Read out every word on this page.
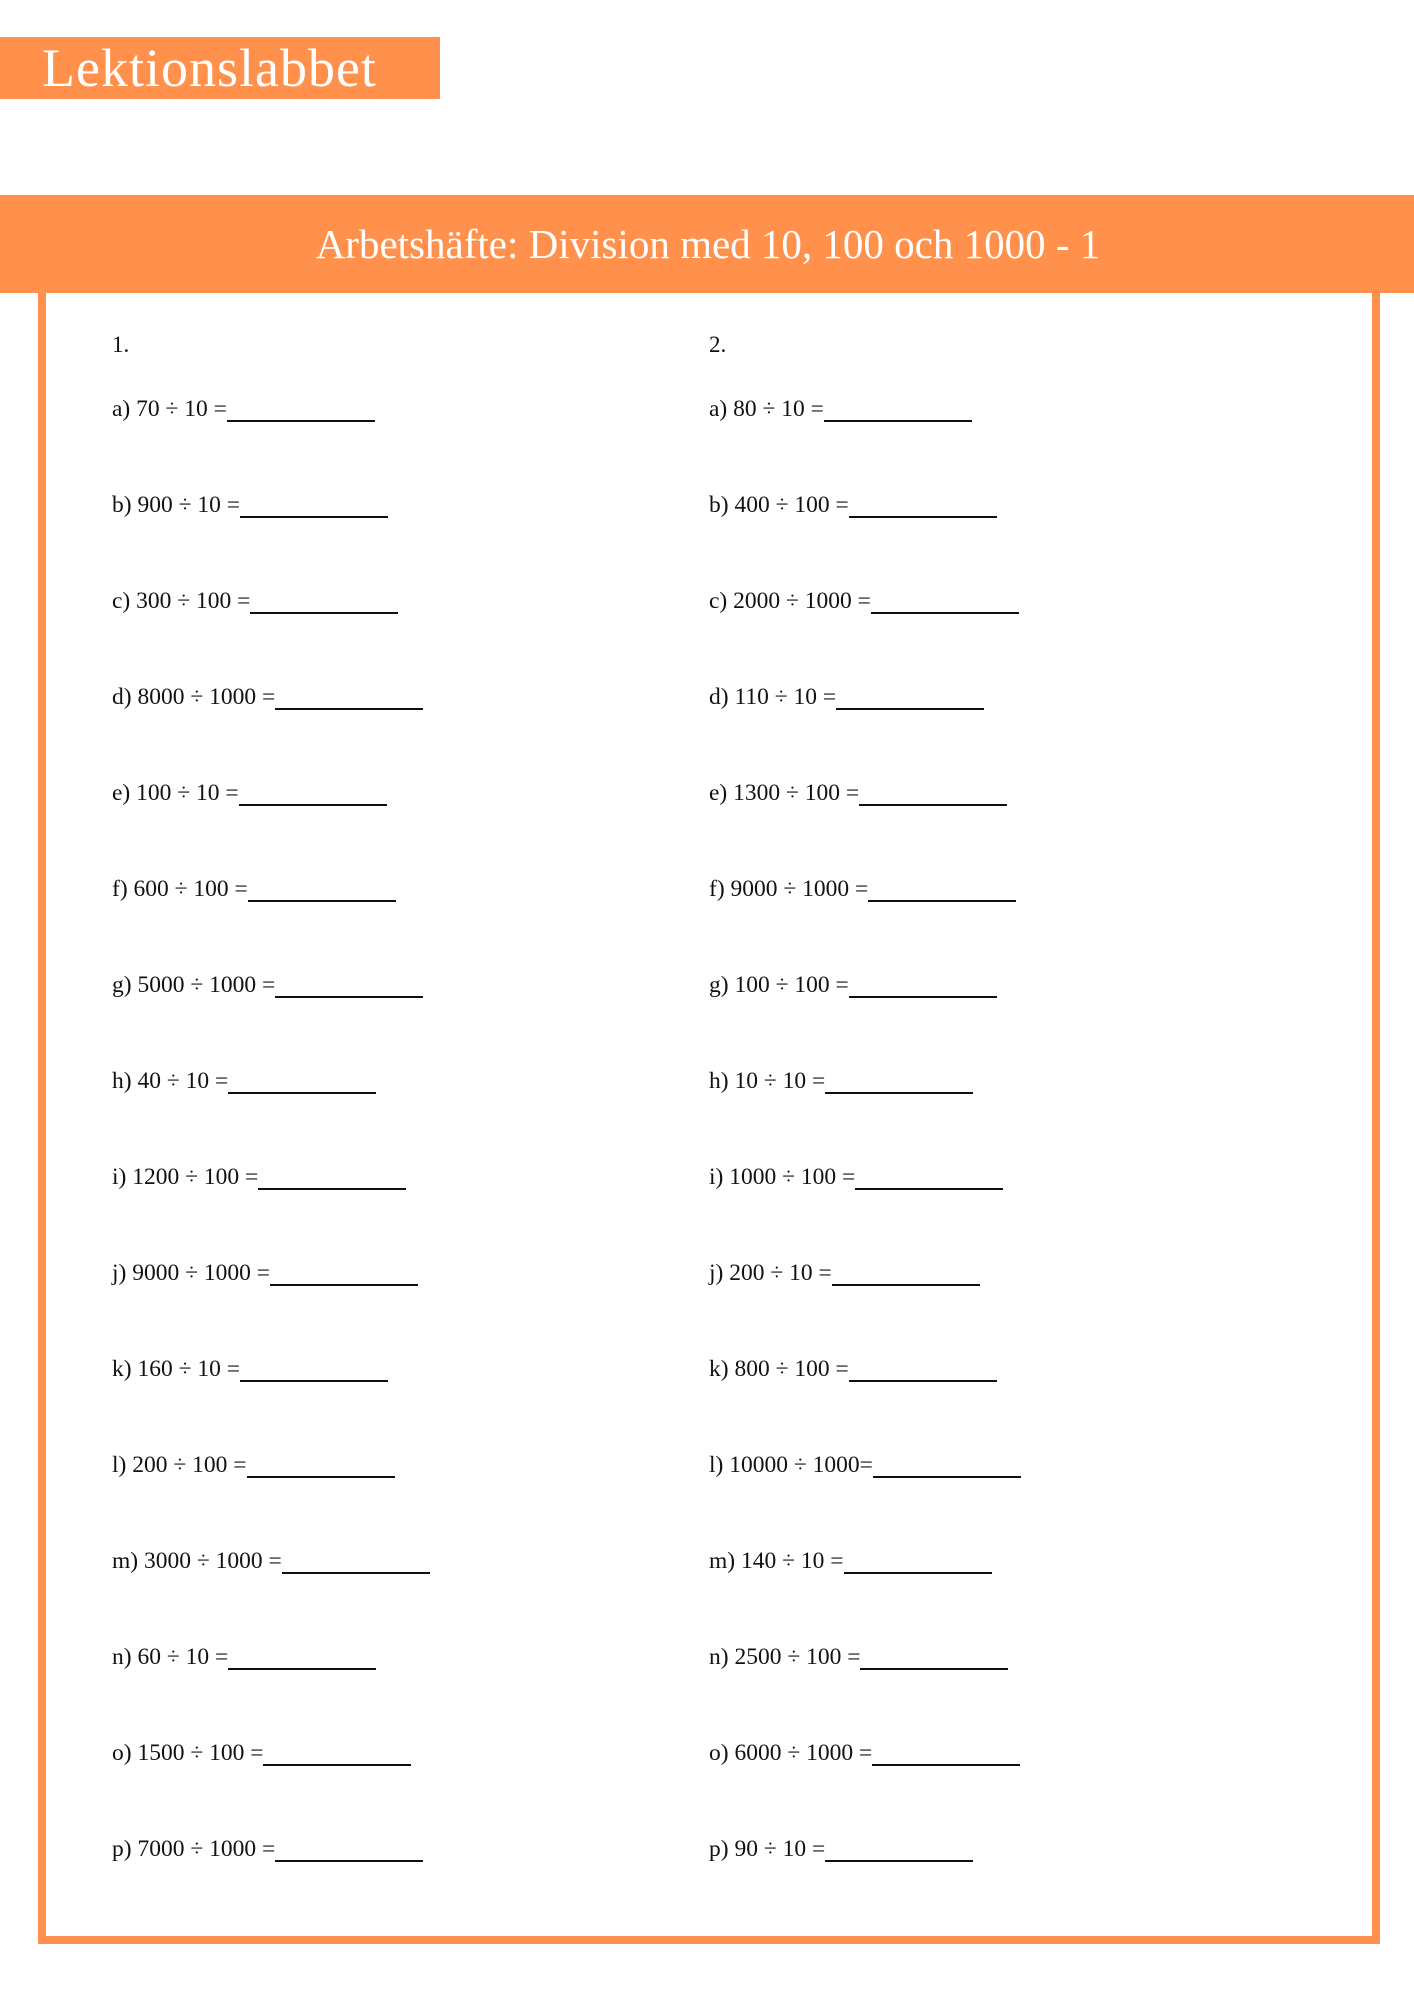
Lektionslabbet
Arbetshäfte: Division med 10, 100 och 1000 - 1

1.

a) 70 ÷ 10 =
b) 900 ÷ 10 =
c) 300 ÷ 100 =
d) 8000 ÷ 1000 =
e) 100 ÷ 10 =
f) 600 ÷ 100 =
g) 5000 ÷ 1000 =
h) 40 ÷ 10 =
i) 1200 ÷ 100 =
j) 9000 ÷ 1000 =
k) 160 ÷ 10 =
l) 200 ÷ 100 =
m) 3000 ÷ 1000 =
n) 60 ÷ 10 =
o) 1500 ÷ 100 =
p) 7000 ÷ 1000 =

2.

a) 80 ÷ 10 =
b) 400 ÷ 100 =
c) 2000 ÷ 1000 =
d) 110 ÷ 10 =
e) 1300 ÷ 100 =
f) 9000 ÷ 1000 =
g) 100 ÷ 100 =
h) 10 ÷ 10 =
i) 1000 ÷ 100 =
j) 200 ÷ 10 =
k) 800 ÷ 100 =
l) 10000 ÷ 1000=
m) 140 ÷ 10 =
n) 2500 ÷ 100 =
o) 6000 ÷ 1000 =
p) 90 ÷ 10 =
